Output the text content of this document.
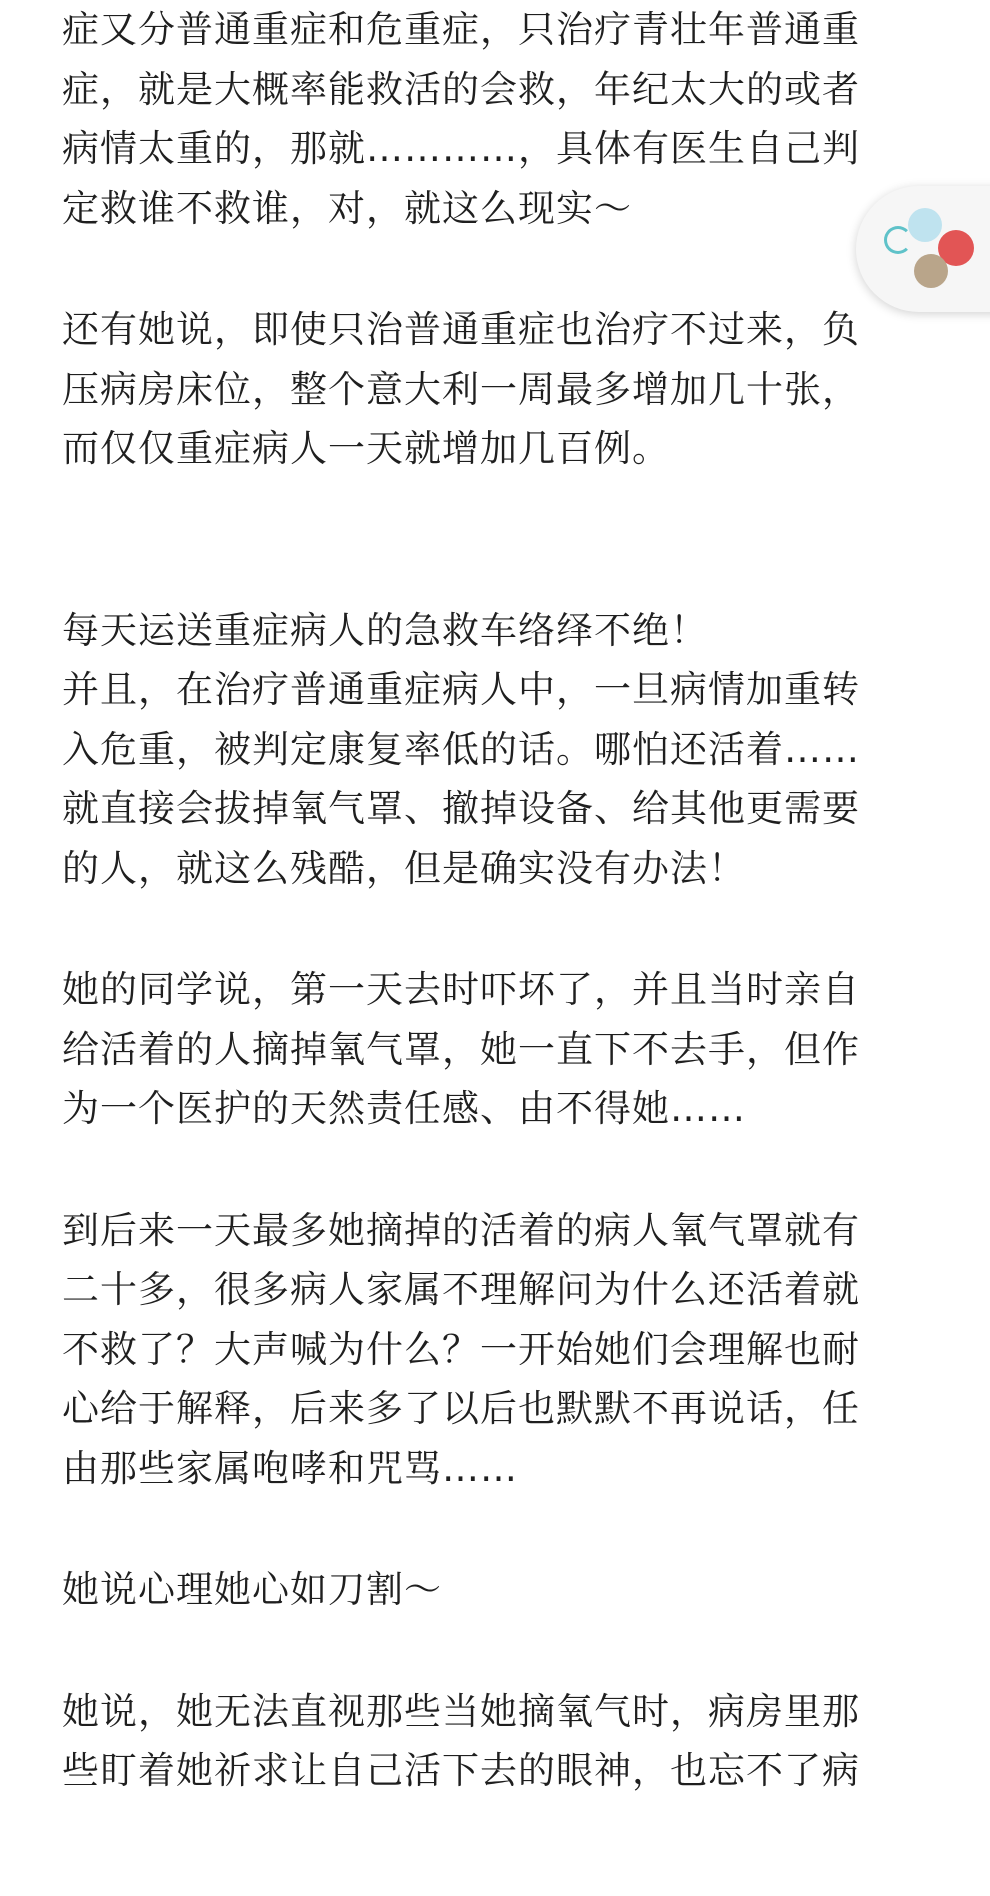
症又分普通重症和危重症，只治疗青壮年普通重
症，就是大概率能救活的会救，年纪太大的或者
病情太重的，那就…………，具体有医生自己判
定救谁不救谁，对，就这么现实～
还有她说，即使只治普通重症也治疗不过来，负
压病房床位，整个意大利一周最多增加几十张，
而仅仅重症病人一天就增加几百例。
每天运送重症病人的急救车络绎不绝！
并且，在治疗普通重症病人中，一旦病情加重转
入危重，被判定康复率低的话。哪怕还活着……
就直接会拔掉氧气罩、撤掉设备、给其他更需要
的人，就这么残酷，但是确实没有办法！
她的同学说，第一天去时吓坏了，并且当时亲自
给活着的人摘掉氧气罩，她一直下不去手，但作
为一个医护的天然责任感、由不得她……
到后来一天最多她摘掉的活着的病人氧气罩就有
二十多，很多病人家属不理解问为什么还活着就
不救了？大声喊为什么？一开始她们会理解也耐
心给于解释，后来多了以后也默默不再说话，任
由那些家属咆哮和咒骂……
她说心理她心如刀割～
她说，她无法直视那些当她摘氧气时，病房里那
些盯着她祈求让自己活下去的眼神，也忘不了病
